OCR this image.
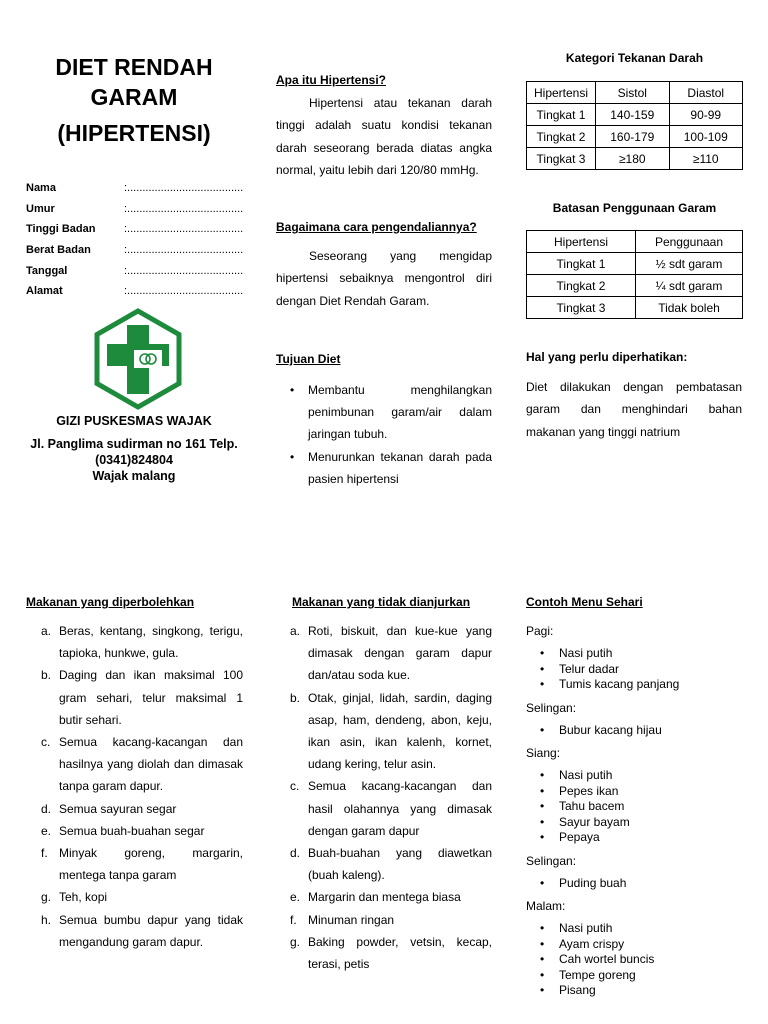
DIET RENDAH
GARAM
(HIPERTENSI)
Nama	:......................................
Umur	:......................................
Tinggi Badan	:......................................
Berat Badan	:......................................
Tanggal	:......................................
Alamat	:......................................
GIZI PUSKESMAS WAJAK
Jl. Panglima sudirman no 161 Telp.
(0341)824804
Wajak malang
Apa itu Hipertensi?
Hipertensi atau tekanan darah tinggi adalah suatu kondisi tekanan darah seseorang berada diatas angka normal, yaitu lebih dari 120/80 mmHg.
Bagaimana cara pengendaliannya?
Seseorang yang mengidap hipertensi sebaiknya mengontrol diri dengan Diet Rendah Garam.
Tujuan Diet
• Membantu menghilangkan penimbunan garam/air dalam jaringan tubuh.
• Menurunkan tekanan darah pada pasien hipertensi
Kategori Tekanan Darah
Hipertensi	Sistol	Diastol
Tingkat 1	140-159	90-99
Tingkat 2	160-179	100-109
Tingkat 3	≥180	≥110
Batasan Penggunaan Garam
Hipertensi	Penggunaan
Tingkat 1	½ sdt garam
Tingkat 2	¼ sdt garam
Tingkat 3	Tidak boleh
Hal yang perlu diperhatikan:
Diet dilakukan dengan pembatasan garam dan menghindari bahan makanan yang tinggi natrium
Makanan yang diperbolehkan
a. Beras, kentang, singkong, terigu, tapioka, hunkwe, gula.
b. Daging dan ikan maksimal 100 gram sehari, telur maksimal 1 butir sehari.
c. Semua kacang-kacangan dan hasilnya yang diolah dan dimasak tanpa garam dapur.
d. Semua sayuran segar
e. Semua buah-buahan segar
f. Minyak goreng, margarin, mentega tanpa garam
g. Teh, kopi
h. Semua bumbu dapur yang tidak mengandung garam dapur.
Makanan yang tidak dianjurkan
a. Roti, biskuit, dan kue-kue yang dimasak dengan garam dapur dan/atau soda kue.
b. Otak, ginjal, lidah, sardin, daging asap, ham, dendeng, abon, keju, ikan asin, ikan kalenh, kornet, udang kering, telur asin.
c. Semua kacang-kacangan dan hasil olahannya yang dimasak dengan garam dapur
d. Buah-buahan yang diawetkan (buah kaleng).
e. Margarin dan mentega biasa
f. Minuman ringan
g. Baking powder, vetsin, kecap, terasi, petis
Contoh Menu Sehari
Pagi:
• Nasi putih
• Telur dadar
• Tumis kacang panjang
Selingan:
• Bubur kacang hijau
Siang:
• Nasi putih
• Pepes ikan
• Tahu bacem
• Sayur bayam
• Pepaya
Selingan:
• Puding buah
Malam:
• Nasi putih
• Ayam crispy
• Cah wortel buncis
• Tempe goreng
• Pisang
